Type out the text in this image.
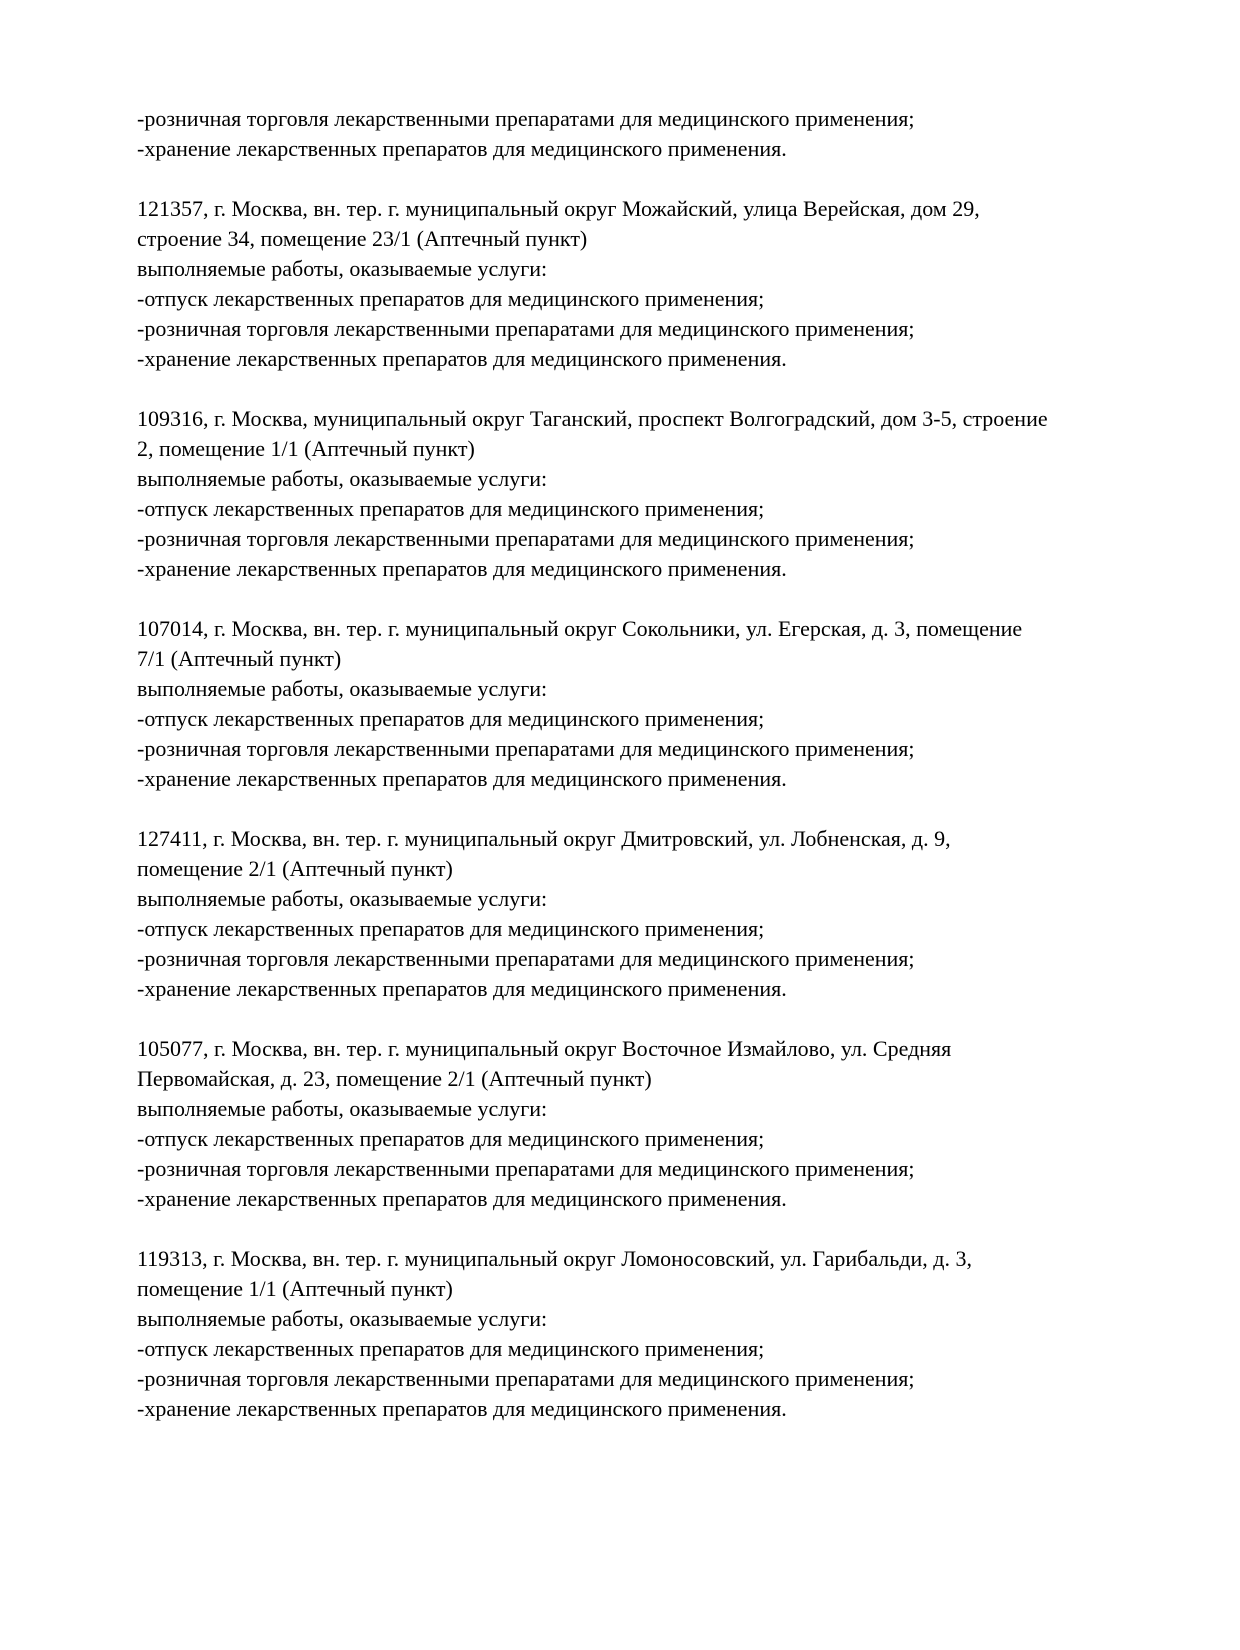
-розничная торговля лекарственными препаратами для медицинского применения;
-хранение лекарственных препаратов для медицинского применения.
121357, г. Москва, вн. тер. г. муниципальный округ Можайский, улица Верейская, дом 29,
строение 34, помещение 23/1 (Аптечный пункт)
выполняемые работы, оказываемые услуги:
-отпуск лекарственных препаратов для медицинского применения;
-розничная торговля лекарственными препаратами для медицинского применения;
-хранение лекарственных препаратов для медицинского применения.
109316, г. Москва, муниципальный округ Таганский, проспект Волгоградский, дом 3-5, строение
2, помещение 1/1 (Аптечный пункт)
выполняемые работы, оказываемые услуги:
-отпуск лекарственных препаратов для медицинского применения;
-розничная торговля лекарственными препаратами для медицинского применения;
-хранение лекарственных препаратов для медицинского применения.
107014, г. Москва, вн. тер. г. муниципальный округ Сокольники, ул. Егерская, д. 3, помещение
7/1 (Аптечный пункт)
выполняемые работы, оказываемые услуги:
-отпуск лекарственных препаратов для медицинского применения;
-розничная торговля лекарственными препаратами для медицинского применения;
-хранение лекарственных препаратов для медицинского применения.
127411, г. Москва, вн. тер. г. муниципальный округ Дмитровский, ул. Лобненская, д. 9,
помещение 2/1 (Аптечный пункт)
выполняемые работы, оказываемые услуги:
-отпуск лекарственных препаратов для медицинского применения;
-розничная торговля лекарственными препаратами для медицинского применения;
-хранение лекарственных препаратов для медицинского применения.
105077, г. Москва, вн. тер. г. муниципальный округ Восточное Измайлово, ул. Средняя
Первомайская, д. 23, помещение 2/1 (Аптечный пункт)
выполняемые работы, оказываемые услуги:
-отпуск лекарственных препаратов для медицинского применения;
-розничная торговля лекарственными препаратами для медицинского применения;
-хранение лекарственных препаратов для медицинского применения.
119313, г. Москва, вн. тер. г. муниципальный округ Ломоносовский, ул. Гарибальди, д. 3,
помещение 1/1 (Аптечный пункт)
выполняемые работы, оказываемые услуги:
-отпуск лекарственных препаратов для медицинского применения;
-розничная торговля лекарственными препаратами для медицинского применения;
-хранение лекарственных препаратов для медицинского применения.
